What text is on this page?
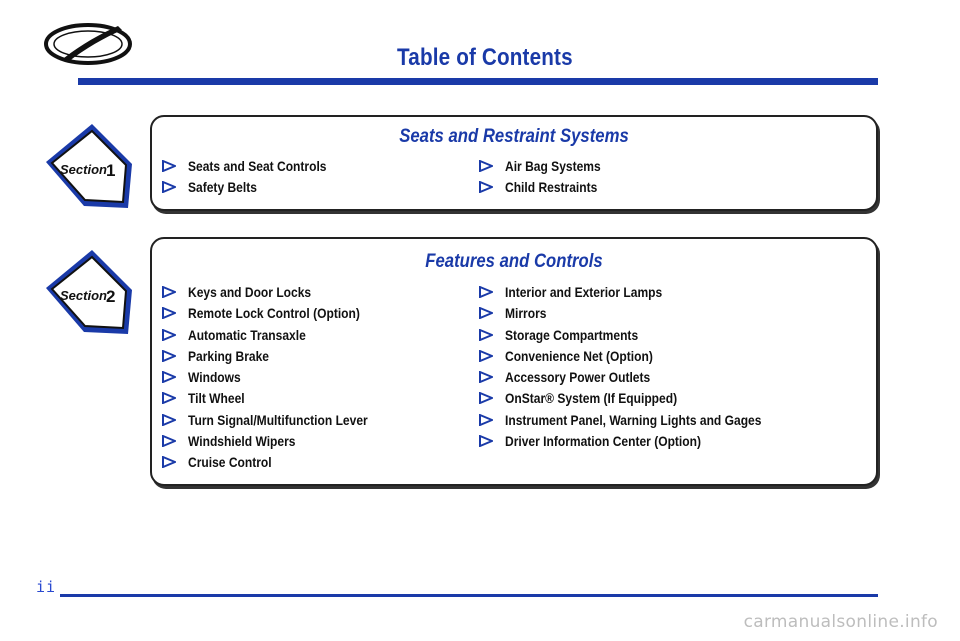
Table of Contents
Section 1
Seats and Restraint Systems
Seats and Seat Controls
Safety Belts
Air Bag Systems
Child Restraints
Section 2
Features and Controls
Keys and Door Locks
Remote Lock Control (Option)
Automatic Transaxle
Parking Brake
Windows
Tilt Wheel
Turn Signal/Multifunction Lever
Windshield Wipers
Cruise Control
Interior and Exterior Lamps
Mirrors
Storage Compartments
Convenience Net (Option)
Accessory Power Outlets
OnStar® System (If Equipped)
Instrument Panel, Warning Lights and Gages
Driver Information Center (Option)
ii
carmanualsonline.info
